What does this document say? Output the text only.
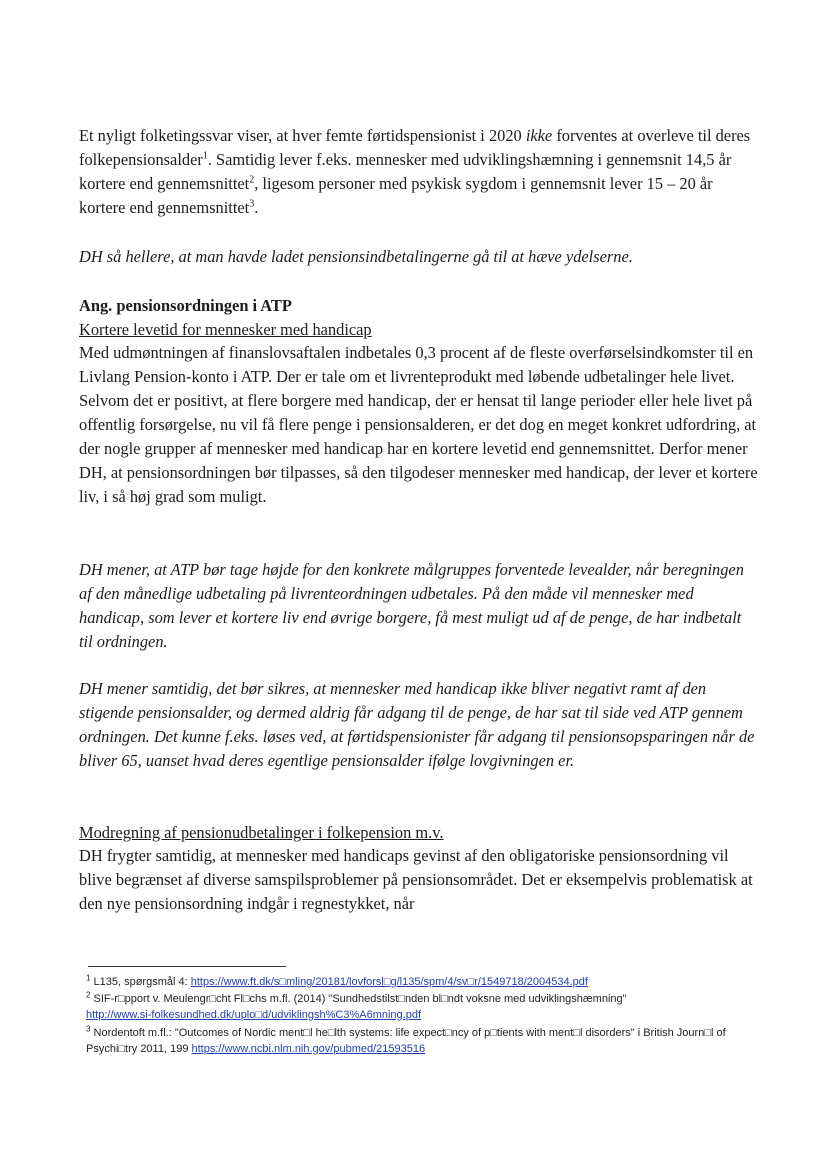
Et nyligt folketingssvar viser, at hver femte førtidspensionist i 2020 ikke forventes at overleve til deres folkepensionsalder$^1$. Samtidig lever f.eks. mennesker med udviklingshæmning i gennemsnit 14,5 år kortere end gennemsnittet$^2$, ligesom personer med psykisk sygdom i gennemsnit lever 15 – 20 år kortere end gennemsnittet$^3$.

DH så hellere, at man havde ladet pensionsindbetalingerne gå til at hæve ydelserne.

Ang. pensionsordningen i ATP

Kortere levetid for mennesker med handicap

Med udmøntningen af finanslovsaftalen indbetales 0,3 procent af de fleste overførselsindkomster til en Livlang Pension-konto i ATP. Der er tale om et livrenteprodukt med løbende udbetalinger hele livet. Selvom det er positivt, at flere borgere med handicap, der er hensat til lange perioder eller hele livet på offentlig forsørgelse, nu vil få flere penge i pensionsalderen, er det dog en meget konkret udfordring, at der nogle grupper af mennesker med handicap har en kortere levetid end gennemsnittet. Derfor mener DH, at pensionsordningen bør tilpasses, så den tilgodeser mennesker med handicap, der lever et kortere liv, i så høj grad som muligt.

DH mener, at ATP bør tage højde for den konkrete målgruppes forventede levealder, når beregningen af den månedlige udbetaling på livrenteordningen udbetales. På den måde vil mennesker med handicap, som lever et kortere liv end øvrige borgere, få mest muligt ud af de penge, de har indbetalt til ordningen.

DH mener samtidig, det bør sikres, at mennesker med handicap ikke bliver negativt ramt af den stigende pensionsalder, og dermed aldrig får adgang til de penge, de har sat til side ved ATP gennem ordningen. Det kunne f.eks. løses ved, at førtidspensionister får adgang til pensionsopsparingen når de bliver 65, uanset hvad deres egentlige pensionsalder ifølge lovgivningen er.

Modregning af pensionudbetalinger i folkepension m.v.

DH frygter samtidig, at mennesker med handicaps gevinst af den obligatoriske pensionsordning vil blive begrænset af diverse samspilsproblemer på pensionsområdet. Det er eksempelvis problematisk at den nye pensionsordning indgår i regnestykket, når

$^1$ L135, spørgsmål 4: https://www.ft.dk/s□mling/20181/lovforsl□g/l135/spm/4/sv□r/1549718/2004534.pdf

$^2$ SIF-r□pport v. Meulengr□cht Fl□chs m.fl. (2014) "Sundhedstilst□nden bl□ndt voksne med udviklingshæmning"
http://www.si-folkesundhed.dk/uplo□d/udviklingsh%C3%A6mning.pdf

$^3$ Nordentoft m.fl.: "Outcomes of Nordic ment□l he□lth systems: life expect□ncy of p□tients with ment□l disorders" i British Journ□l of Psychi□try 2011, 199 https://www.ncbi.nlm.nih.gov/pubmed/21593516
